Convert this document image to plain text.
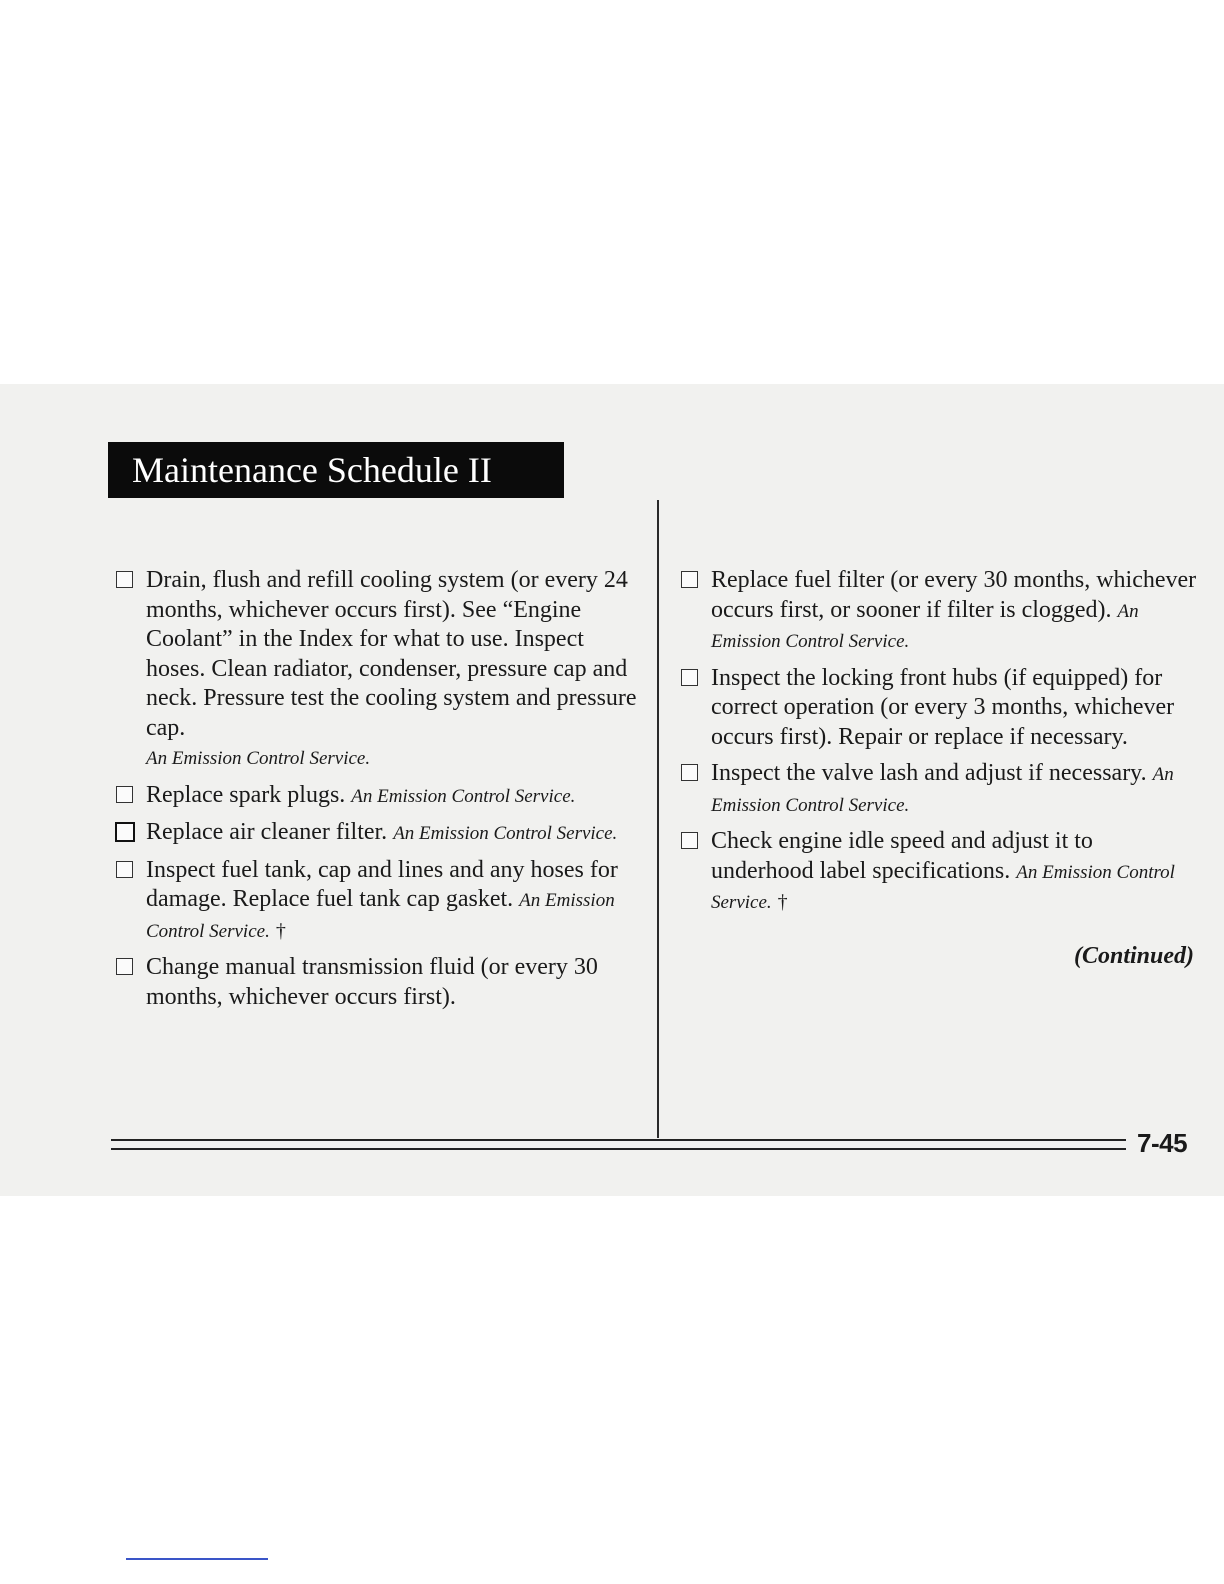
Maintenance Schedule II
Drain, flush and refill cooling system (or every 24 months, whichever occurs first). See “Engine Coolant” in the Index for what to use. Inspect hoses. Clean radiator, condenser, pressure cap and neck. Pressure test the cooling system and pressure cap.
An Emission Control Service.
Replace spark plugs. An Emission Control Service.
Replace air cleaner filter. An Emission Control Service.
Inspect fuel tank, cap and lines and any hoses for damage. Replace fuel tank cap gasket. An Emission Control Service. †
Change manual transmission fluid (or every 30 months, whichever occurs first).
Replace fuel filter (or every 30 months, whichever occurs first, or sooner if filter is clogged). An Emission Control Service.
Inspect the locking front hubs (if equipped) for correct operation (or every 3 months, whichever occurs first). Repair or replace if necessary.
Inspect the valve lash and adjust if necessary. An Emission Control Service.
Check engine idle speed and adjust it to underhood label specifications. An Emission Control Service. †
(Continued)
7-45
